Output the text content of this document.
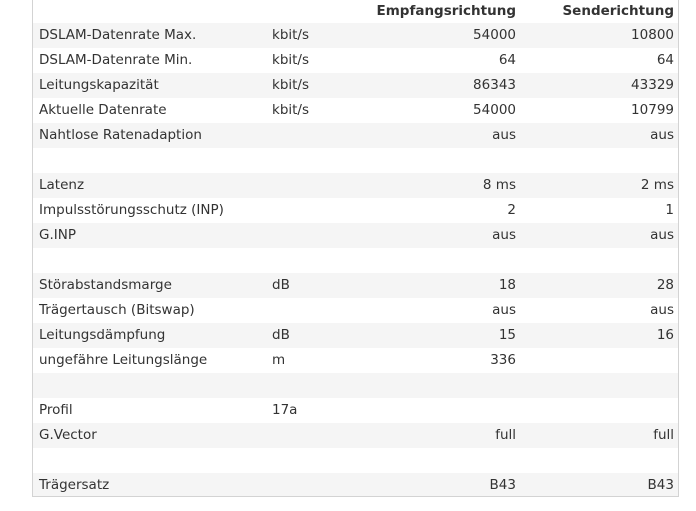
		Empfangsrichtung	Senderichtung
DSLAM-Datenrate Max.	kbit/s	54000	10800
DSLAM-Datenrate Min.	kbit/s	64	64
Leitungskapazität	kbit/s	86343	43329
Aktuelle Datenrate	kbit/s	54000	10799
Nahtlose Ratenadaption		aus	aus

Latenz		8 ms	2 ms
Impulsstörungsschutz (INP)		2	1
G.INP		aus	aus

Störabstandsmarge	dB	18	28
Trägertausch (Bitswap)		aus	aus
Leitungsdämpfung	dB	15	16
ungefähre Leitungslänge	m	336	

Profil	17a		
G.Vector		full	full

Trägersatz		B43	B43
